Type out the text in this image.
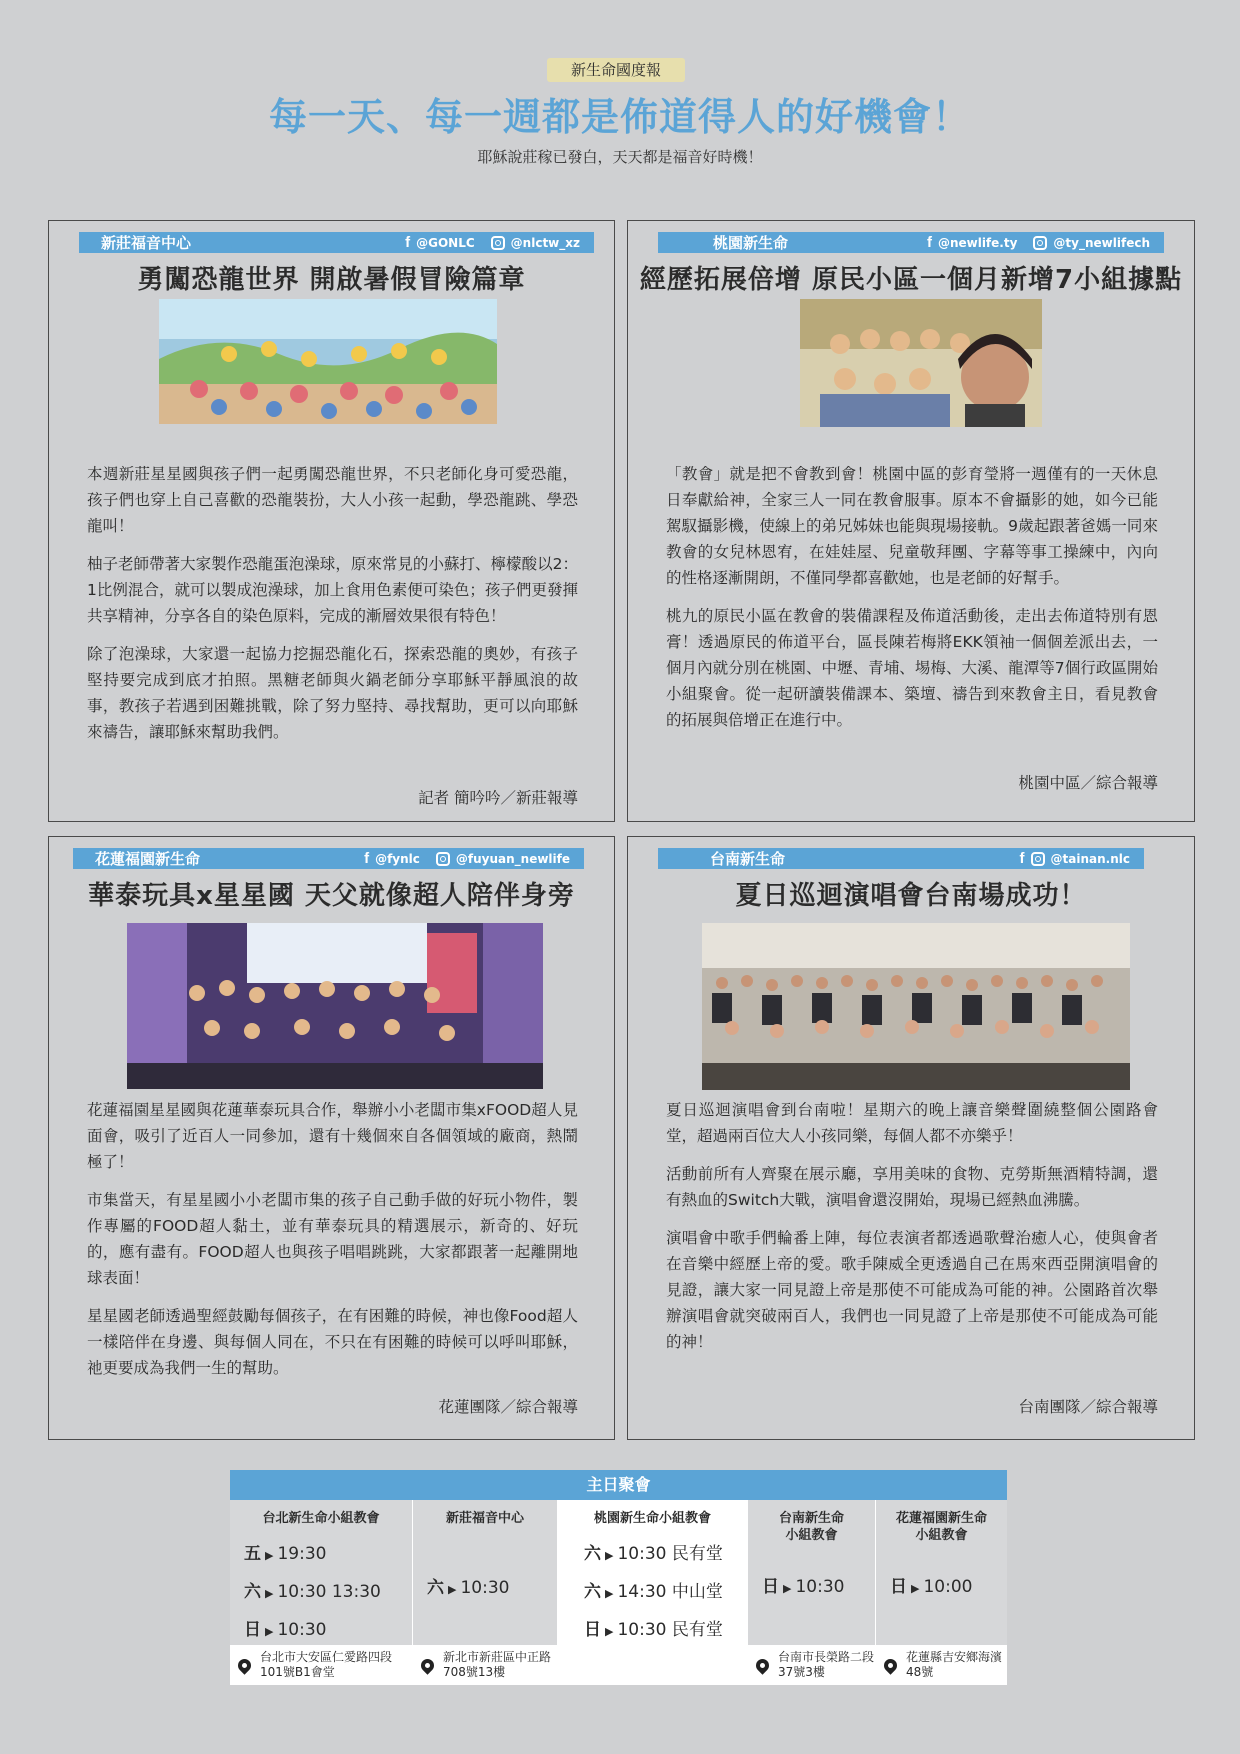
新生命國度報
每一天、每一週都是佈道得人的好機會！
耶穌說莊稼已發白，天天都是福音好時機！
新莊福音中心	f @GONLC	@nlctw_xz
勇闖恐龍世界 開啟暑假冒險篇章

本週新莊星星國與孩子們一起勇闖恐龍世界，不只老師化身可愛恐龍，孩子們也穿上自己喜歡的恐龍裝扮，大人小孩一起動，學恐龍跳、學恐龍叫！

柚子老師帶著大家製作恐龍蛋泡澡球，原來常見的小蘇打、檸檬酸以2：1比例混合，就可以製成泡澡球，加上食用色素便可染色；孩子們更發揮共享精神，分享各自的染色原料，完成的漸層效果很有特色！

除了泡澡球，大家還一起協力挖掘恐龍化石，探索恐龍的奧妙，有孩子堅持要完成到底才拍照。黑糖老師與火鍋老師分享耶穌平靜風浪的故事，教孩子若遇到困難挑戰，除了努力堅持、尋找幫助，更可以向耶穌來禱告，讓耶穌來幫助我們。

記者 簡吟吟／新莊報導
桃園新生命	f @newlife.ty	@ty_newlifech
經歷拓展倍增 原民小區一個月新增7小組據點

「教會」就是把不會教到會！桃園中區的彭育瑩將一週僅有的一天休息日奉獻給神，全家三人一同在教會服事。原本不會攝影的她，如今已能駕馭攝影機，使線上的弟兄姊妹也能與現場接軌。9歲起跟著爸媽一同來教會的女兒林恩宥，在娃娃屋、兒童敬拜團、字幕等事工操練中，內向的性格逐漸開朗，不僅同學都喜歡她，也是老師的好幫手。

桃九的原民小區在教會的裝備課程及佈道活動後，走出去佈道特別有恩膏！透過原民的佈道平台，區長陳若梅將EKK領袖一個個差派出去，一個月內就分別在桃園、中壢、青埔、埸梅、大溪、龍潭等7個行政區開始小組聚會。從一起研讀裝備課本、築壇、禱告到來教會主日，看見教會的拓展與倍增正在進行中。

桃園中區／綜合報導
花蓮福園新生命	f @fynlc	@fuyuan_newlife
華泰玩具x星星國 天父就像超人陪伴身旁

花蓮福園星星國與花蓮華泰玩具合作，舉辦小小老闆市集xFOOD超人見面會，吸引了近百人一同參加，還有十幾個來自各個領域的廠商，熱鬧極了！

市集當天，有星星國小小老闆市集的孩子自己動手做的好玩小物件，製作專屬的FOOD超人黏土，並有華泰玩具的精選展示，新奇的、好玩的，應有盡有。FOOD超人也與孩子唱唱跳跳，大家都跟著一起離開地球表面！

星星國老師透過聖經鼓勵每個孩子，在有困難的時候，神也像Food超人一樣陪伴在身邊、與每個人同在，不只在有困難的時候可以呼叫耶穌，祂更要成為我們一生的幫助。

花蓮團隊／綜合報導
台南新生命	f @tainan.nlc
夏日巡迴演唱會台南場成功！

夏日巡迴演唱會到台南啦！星期六的晚上讓音樂聲圍繞整個公園路會堂，超過兩百位大人小孩同樂，每個人都不亦樂乎！

活動前所有人齊聚在展示廳，享用美味的食物、克勞斯無酒精特調，還有熱血的Switch大戰，演唱會還沒開始，現場已經熱血沸騰。

演唱會中歌手們輪番上陣，每位表演者都透過歌聲治癒人心，使與會者在音樂中經歷上帝的愛。歌手陳威全更透過自己在馬來西亞開演唱會的見證，讓大家一同見證上帝是那使不可能成為可能的神。公園路首次舉辦演唱會就突破兩百人，我們也一同見證了上帝是那使不可能成為可能的神！

台南團隊／綜合報導
主日聚會
台北新生命小組教會
五 ▶ 19:30
六 ▶ 10:30 13:30
日 ▶ 10:30
台北市大安區仁愛路四段101號B1會堂
新莊福音中心
六 ▶ 10:30
新北市新莊區中正路708號13樓
桃園新生命小組教會
六 ▶ 10:30 民有堂
六 ▶ 14:30 中山堂
日 ▶ 10:30 民有堂
台南新生命
小組教會
日 ▶ 10:30
台南市長榮路二段37號3樓
花蓮福園新生命
小組教會
日 ▶ 10:00
花蓮縣吉安鄉海濱48號
